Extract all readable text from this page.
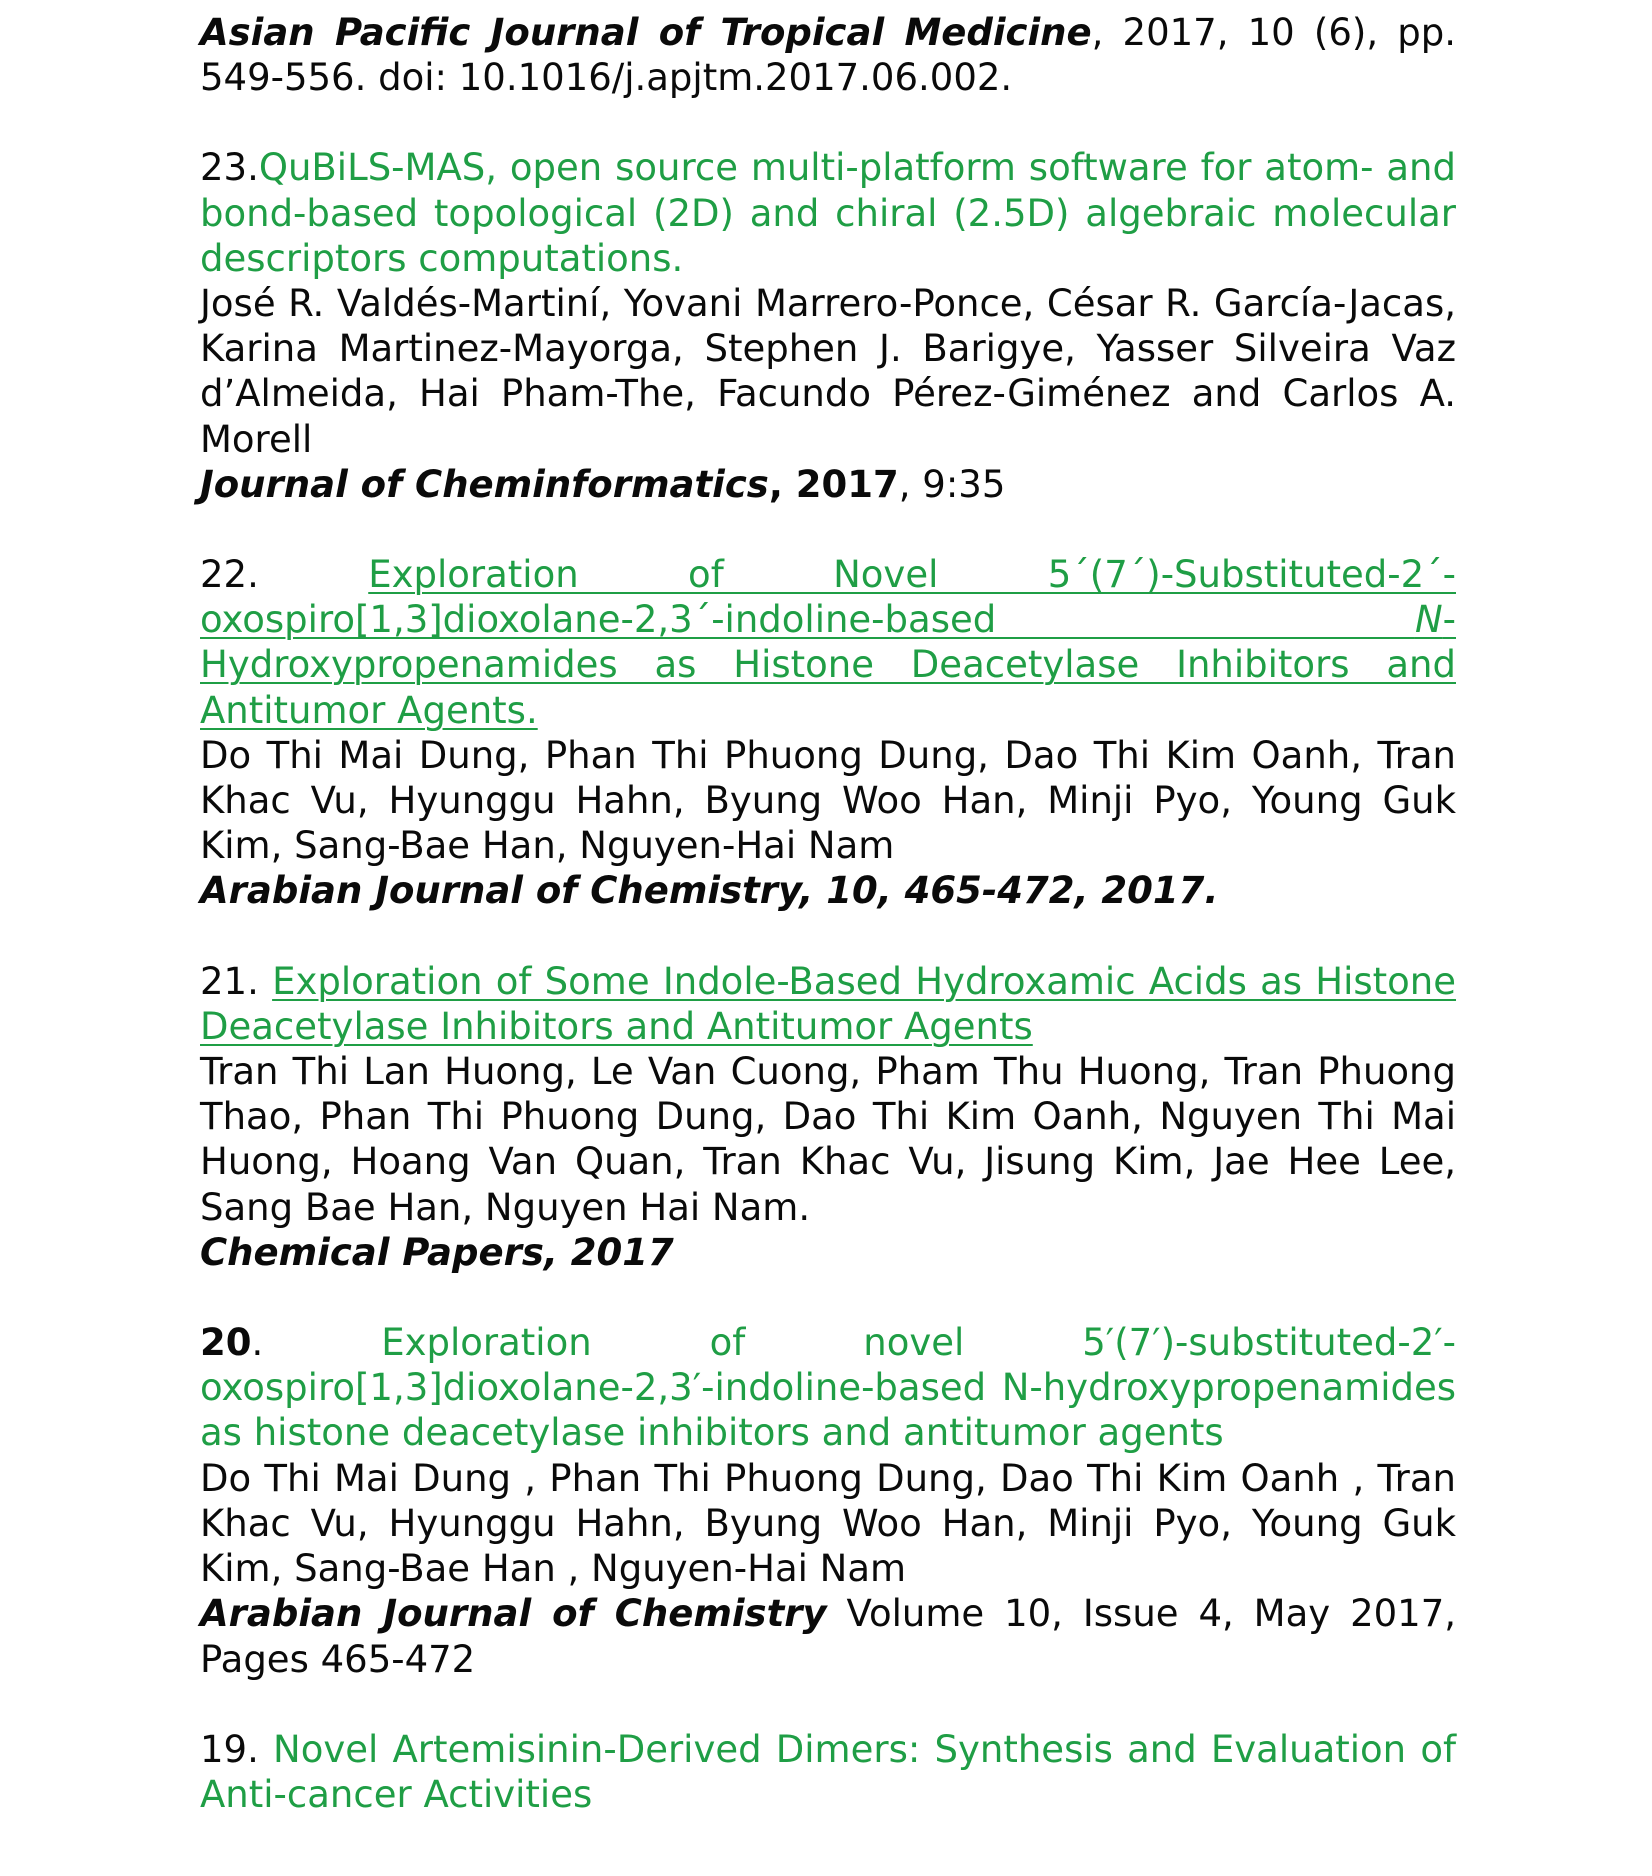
Asian Pacific Journal of Tropical Medicine, 2017, 10 (6), pp. 549-556. doi: 10.1016/j.apjtm.2017.06.002.

23.QuBiLS-MAS, open source multi-platform software for atom- and bond-based topological (2D) and chiral (2.5D) algebraic molecular descriptors computations.

José R. Valdés-Martiní, Yovani Marrero-Ponce, César R. García-Jacas, Karina Martinez-Mayorga, Stephen J. Barigye, Yasser Silveira Vaz d’Almeida, Hai Pham-The, Facundo Pérez-Giménez and Carlos A. Morell

Journal of Cheminformatics, 2017, 9:35

22. Exploration of Novel 5´(7´)-Substituted-2´-oxospiro[1,3]dioxolane-2,3´-indoline-based N-Hydroxypropenamides as Histone Deacetylase Inhibitors and Antitumor Agents.

Do Thi Mai Dung, Phan Thi Phuong Dung, Dao Thi Kim Oanh, Tran Khac Vu, Hyunggu Hahn, Byung Woo Han, Minji Pyo, Young Guk Kim, Sang-Bae Han, Nguyen-Hai Nam

Arabian Journal of Chemistry, 10, 465-472, 2017.

21. Exploration of Some Indole-Based Hydroxamic Acids as Histone Deacetylase Inhibitors and Antitumor Agents

Tran Thi Lan Huong, Le Van Cuong, Pham Thu Huong, Tran Phuong Thao, Phan Thi Phuong Dung, Dao Thi Kim Oanh, Nguyen Thi Mai Huong, Hoang Van Quan, Tran Khac Vu, Jisung Kim, Jae Hee Lee, Sang Bae Han, Nguyen Hai Nam.

Chemical Papers, 2017

20. Exploration of novel 5′(7′)-substituted-2′-oxospiro[1,3]dioxolane-2,3′-indoline-based N-hydroxypropenamides as histone deacetylase inhibitors and antitumor agents

Do Thi Mai Dung , Phan Thi Phuong Dung, Dao Thi Kim Oanh , Tran Khac Vu, Hyunggu Hahn, Byung Woo Han, Minji Pyo, Young Guk Kim, Sang-Bae Han , Nguyen-Hai Nam

Arabian Journal of Chemistry Volume 10, Issue 4, May 2017, Pages 465-472

19. Novel Artemisinin-Derived Dimers: Synthesis and Evaluation of Anti-cancer Activities
